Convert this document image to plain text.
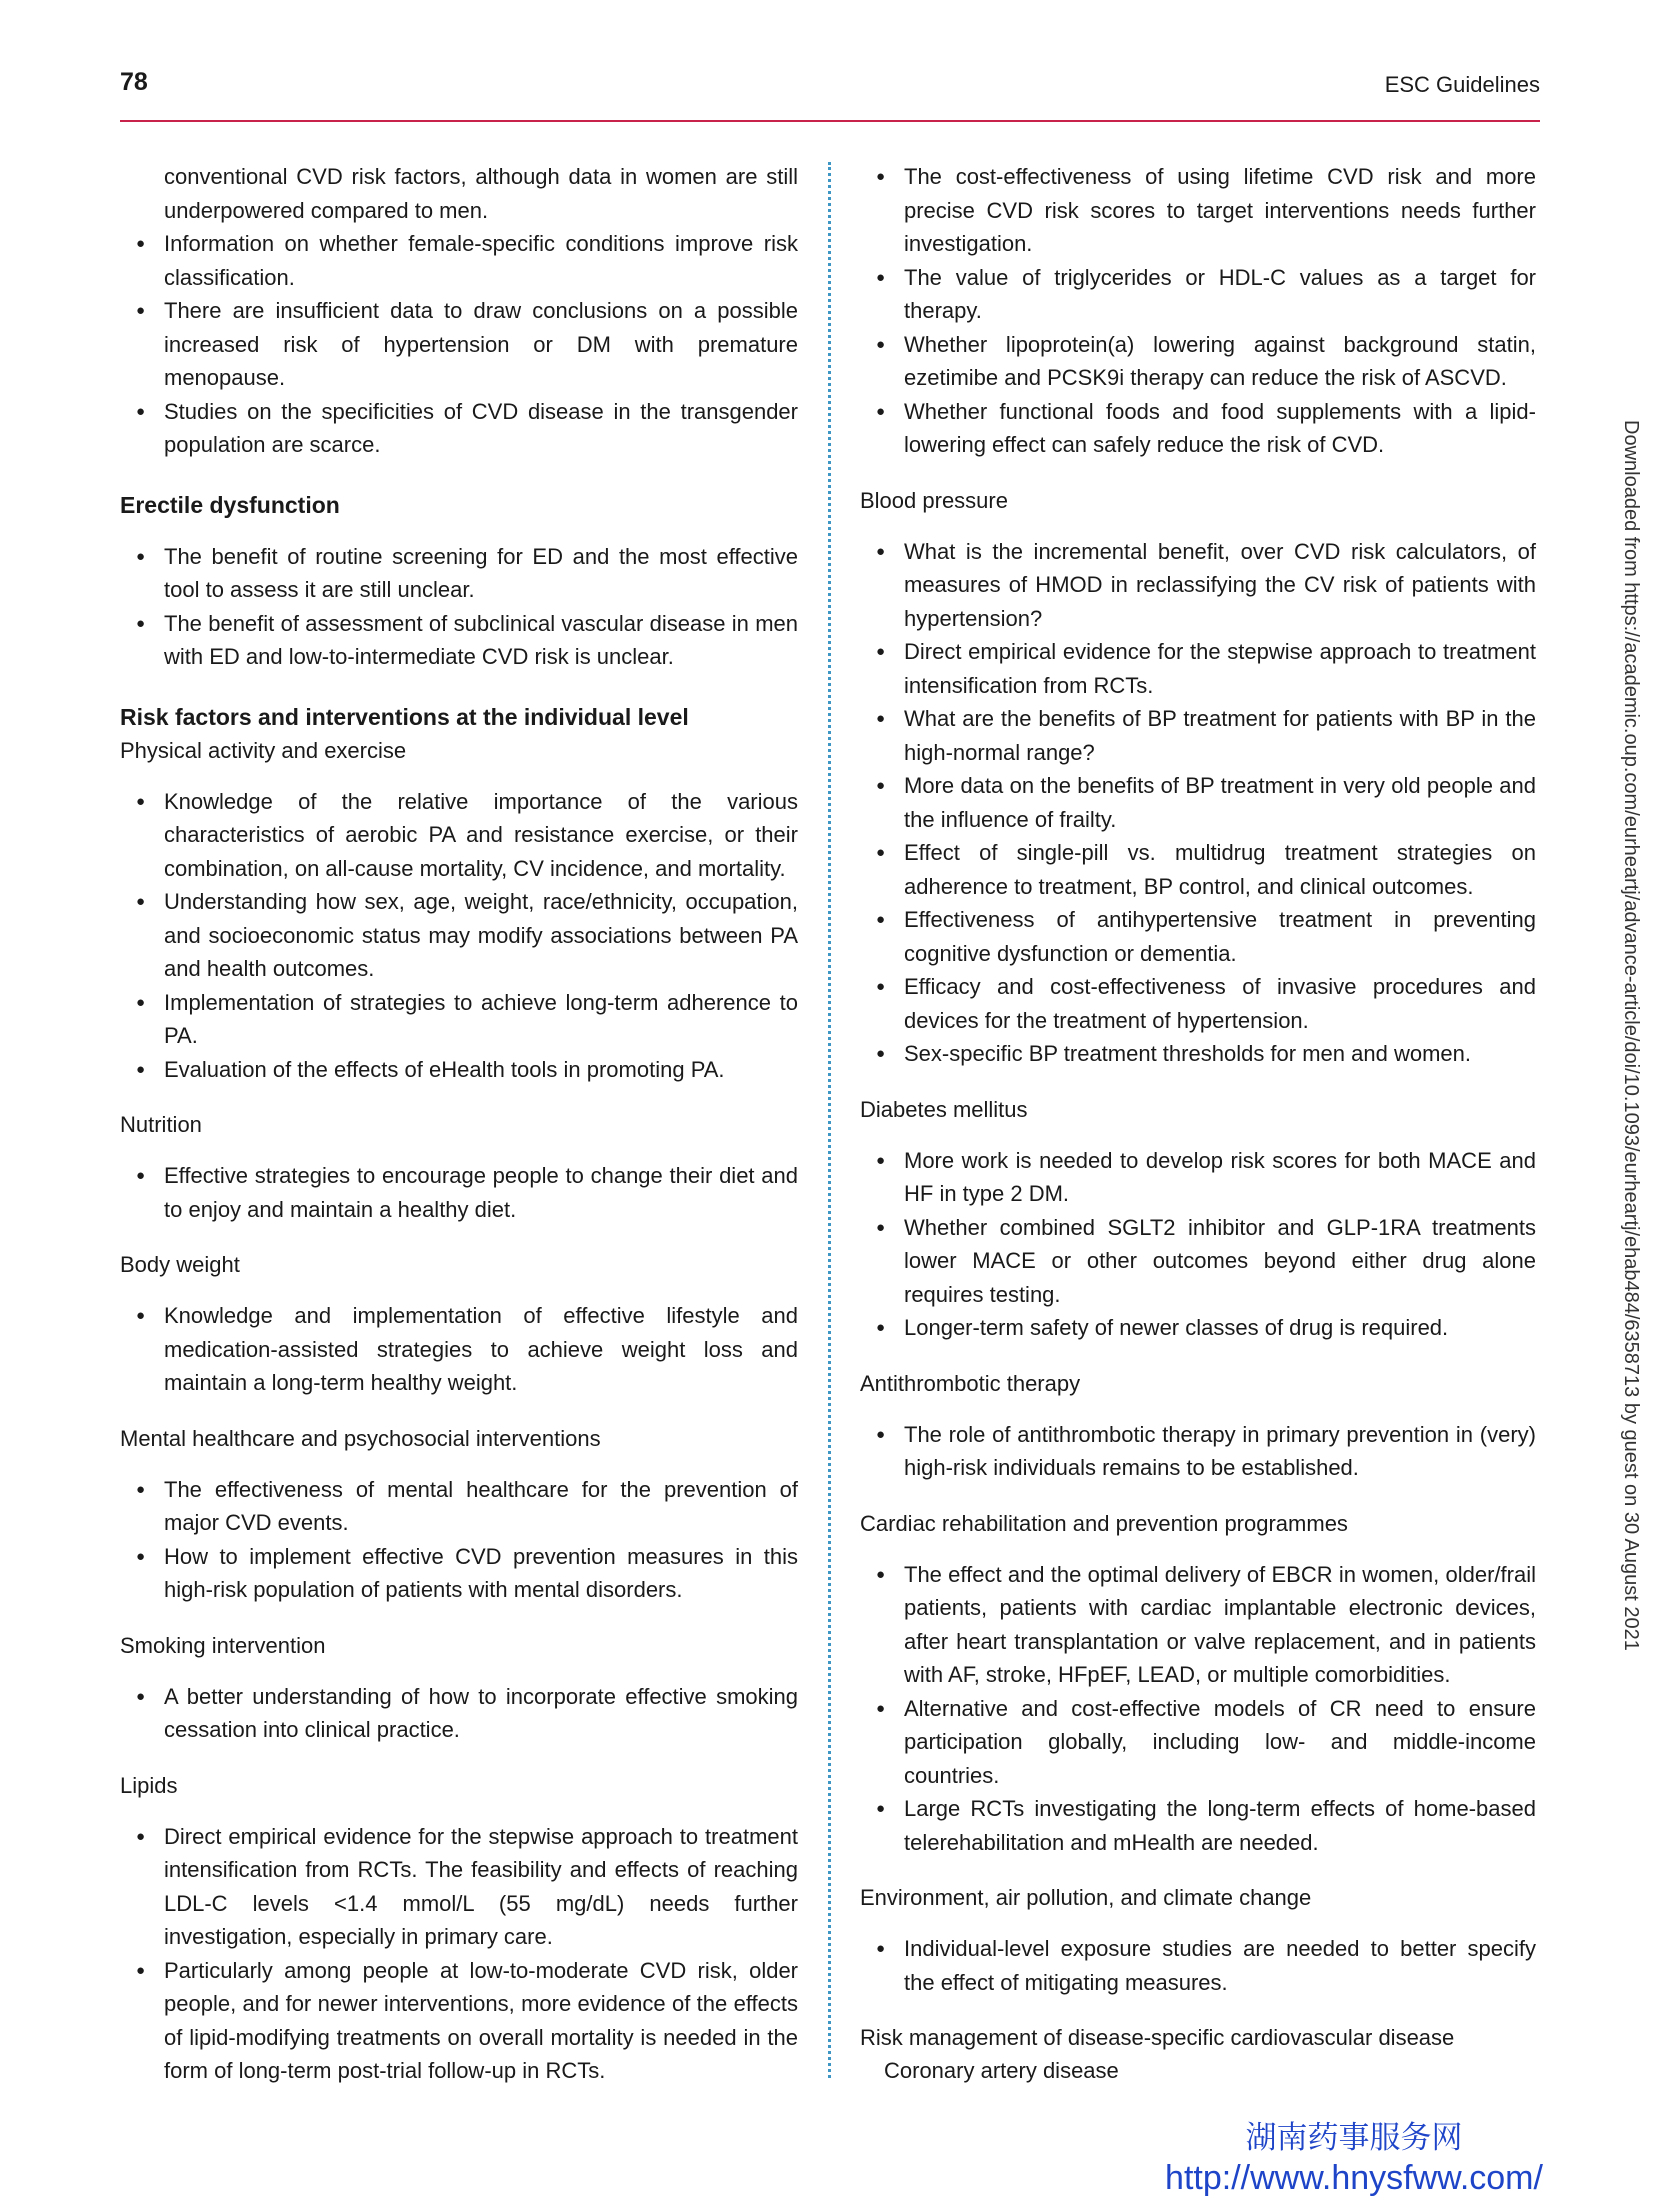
78	ESC Guidelines
conventional CVD risk factors, although data in women are still underpowered compared to men.
● Information on whether female-specific conditions improve risk classification.
● There are insufficient data to draw conclusions on a possible increased risk of hypertension or DM with premature menopause.
● Studies on the specificities of CVD disease in the transgender population are scarce.
Erectile dysfunction
● The benefit of routine screening for ED and the most effective tool to assess it are still unclear.
● The benefit of assessment of subclinical vascular disease in men with ED and low-to-intermediate CVD risk is unclear.
Risk factors and interventions at the individual level

Physical activity and exercise

● Knowledge of the relative importance of the various characteristics of aerobic PA and resistance exercise, or their combination, on all-cause mortality, CV incidence, and mortality.
● Understanding how sex, age, weight, race/ethnicity, occupation, and socioeconomic status may modify associations between PA and health outcomes.
● Implementation of strategies to achieve long-term adherence to PA.
● Evaluation of the effects of eHealth tools in promoting PA.

Nutrition

● Effective strategies to encourage people to change their diet and to enjoy and maintain a healthy diet.

Body weight

● Knowledge and implementation of effective lifestyle and medication-assisted strategies to achieve weight loss and maintain a long-term healthy weight.

Mental healthcare and psychosocial interventions

● The effectiveness of mental healthcare for the prevention of major CVD events.
● How to implement effective CVD prevention measures in this high-risk population of patients with mental disorders.

Smoking intervention

● A better understanding of how to incorporate effective smoking cessation into clinical practice.

Lipids

● Direct empirical evidence for the stepwise approach to treatment intensification from RCTs. The feasibility and effects of reaching LDL-C levels <1.4 mmol/L (55 mg/dL) needs further investigation, especially in primary care.
● Particularly among people at low-to-moderate CVD risk, older people, and for newer interventions, more evidence of the effects of lipid-modifying treatments on overall mortality is needed in the form of long-term post-trial follow-up in RCTs.
● The cost-effectiveness of using lifetime CVD risk and more precise CVD risk scores to target interventions needs further investigation.
● The value of triglycerides or HDL-C values as a target for therapy.
● Whether lipoprotein(a) lowering against background statin, ezetimibe and PCSK9i therapy can reduce the risk of ASCVD.
● Whether functional foods and food supplements with a lipid-lowering effect can safely reduce the risk of CVD.

Blood pressure

● What is the incremental benefit, over CVD risk calculators, of measures of HMOD in reclassifying the CV risk of patients with hypertension?
● Direct empirical evidence for the stepwise approach to treatment intensification from RCTs.
● What are the benefits of BP treatment for patients with BP in the high-normal range?
● More data on the benefits of BP treatment in very old people and the influence of frailty.
● Effect of single-pill vs. multidrug treatment strategies on adherence to treatment, BP control, and clinical outcomes.
● Effectiveness of antihypertensive treatment in preventing cognitive dysfunction or dementia.
● Efficacy and cost-effectiveness of invasive procedures and devices for the treatment of hypertension.
● Sex-specific BP treatment thresholds for men and women.

Diabetes mellitus

● More work is needed to develop risk scores for both MACE and HF in type 2 DM.
● Whether combined SGLT2 inhibitor and GLP-1RA treatments lower MACE or other outcomes beyond either drug alone requires testing.
● Longer-term safety of newer classes of drug is required.

Antithrombotic therapy

● The role of antithrombotic therapy in primary prevention in (very) high-risk individuals remains to be established.

Cardiac rehabilitation and prevention programmes

● The effect and the optimal delivery of EBCR in women, older/frail patients, patients with cardiac implantable electronic devices, after heart transplantation or valve replacement, and in patients with AF, stroke, HFpEF, LEAD, or multiple comorbidities.
● Alternative and cost-effective models of CR need to ensure participation globally, including low- and middle-income countries.
● Large RCTs investigating the long-term effects of home-based telerehabilitation and mHealth are needed.

Environment, air pollution, and climate change

● Individual-level exposure studies are needed to better specify the effect of mitigating measures.

Risk management of disease-specific cardiovascular disease

Coronary artery disease

Downloaded from https://academic.oup.com/eurheartj/advance-article/doi/10.1093/eurheartj/ehab484/6358713 by guest on 30 August 2021
湖南药事服务网
http://www.hnysfww.com/
